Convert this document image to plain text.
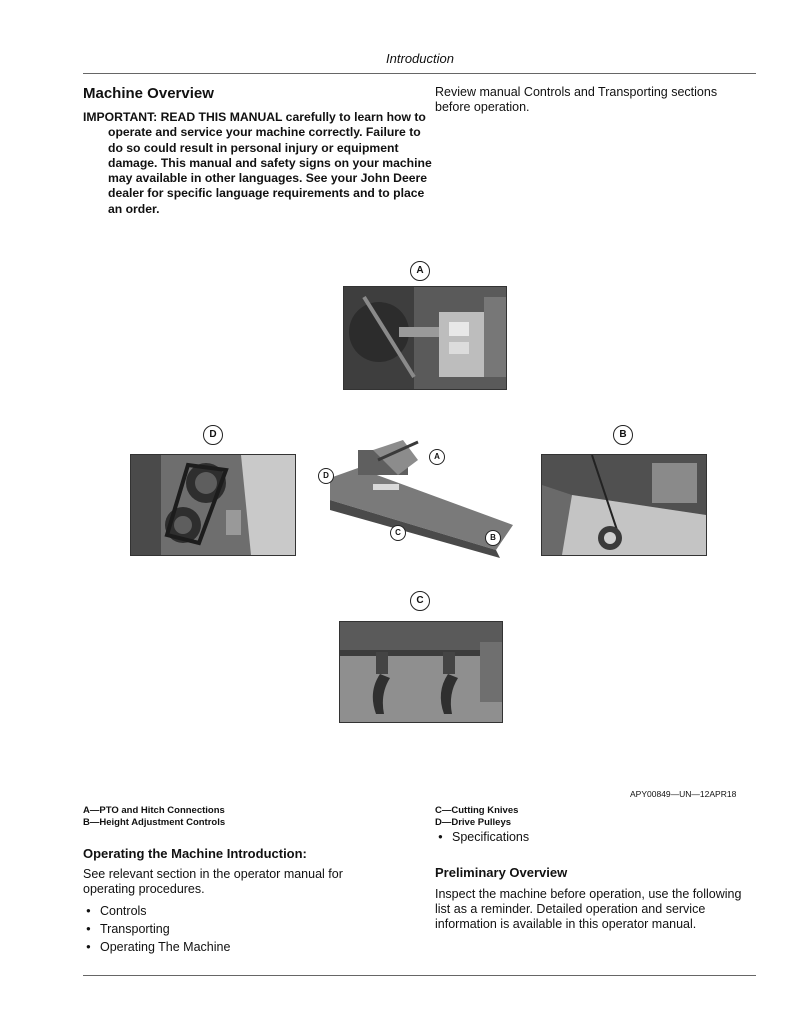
Introduction
Machine Overview
IMPORTANT: READ THIS MANUAL carefully to learn how to operate and service your machine correctly. Failure to do so could result in personal injury or equipment damage. This manual and safety signs on your machine may available in other languages. See your John Deere dealer for specific language requirements and to place an order.
Review manual Controls and Transporting sections before operation.
A
D
A
D
C
B
B
C
APY00849—UN—12APR18
A—PTO and Hitch Connections
B—Height Adjustment Controls
C—Cutting Knives
D—Drive Pulleys
Operating the Machine Introduction:
See relevant section in the operator manual for operating procedures.
● Controls
● Transporting
● Operating The Machine
● Specifications
Preliminary Overview
Inspect the machine before operation, use the following list as a reminder. Detailed operation and service information is available in this operator manual.
